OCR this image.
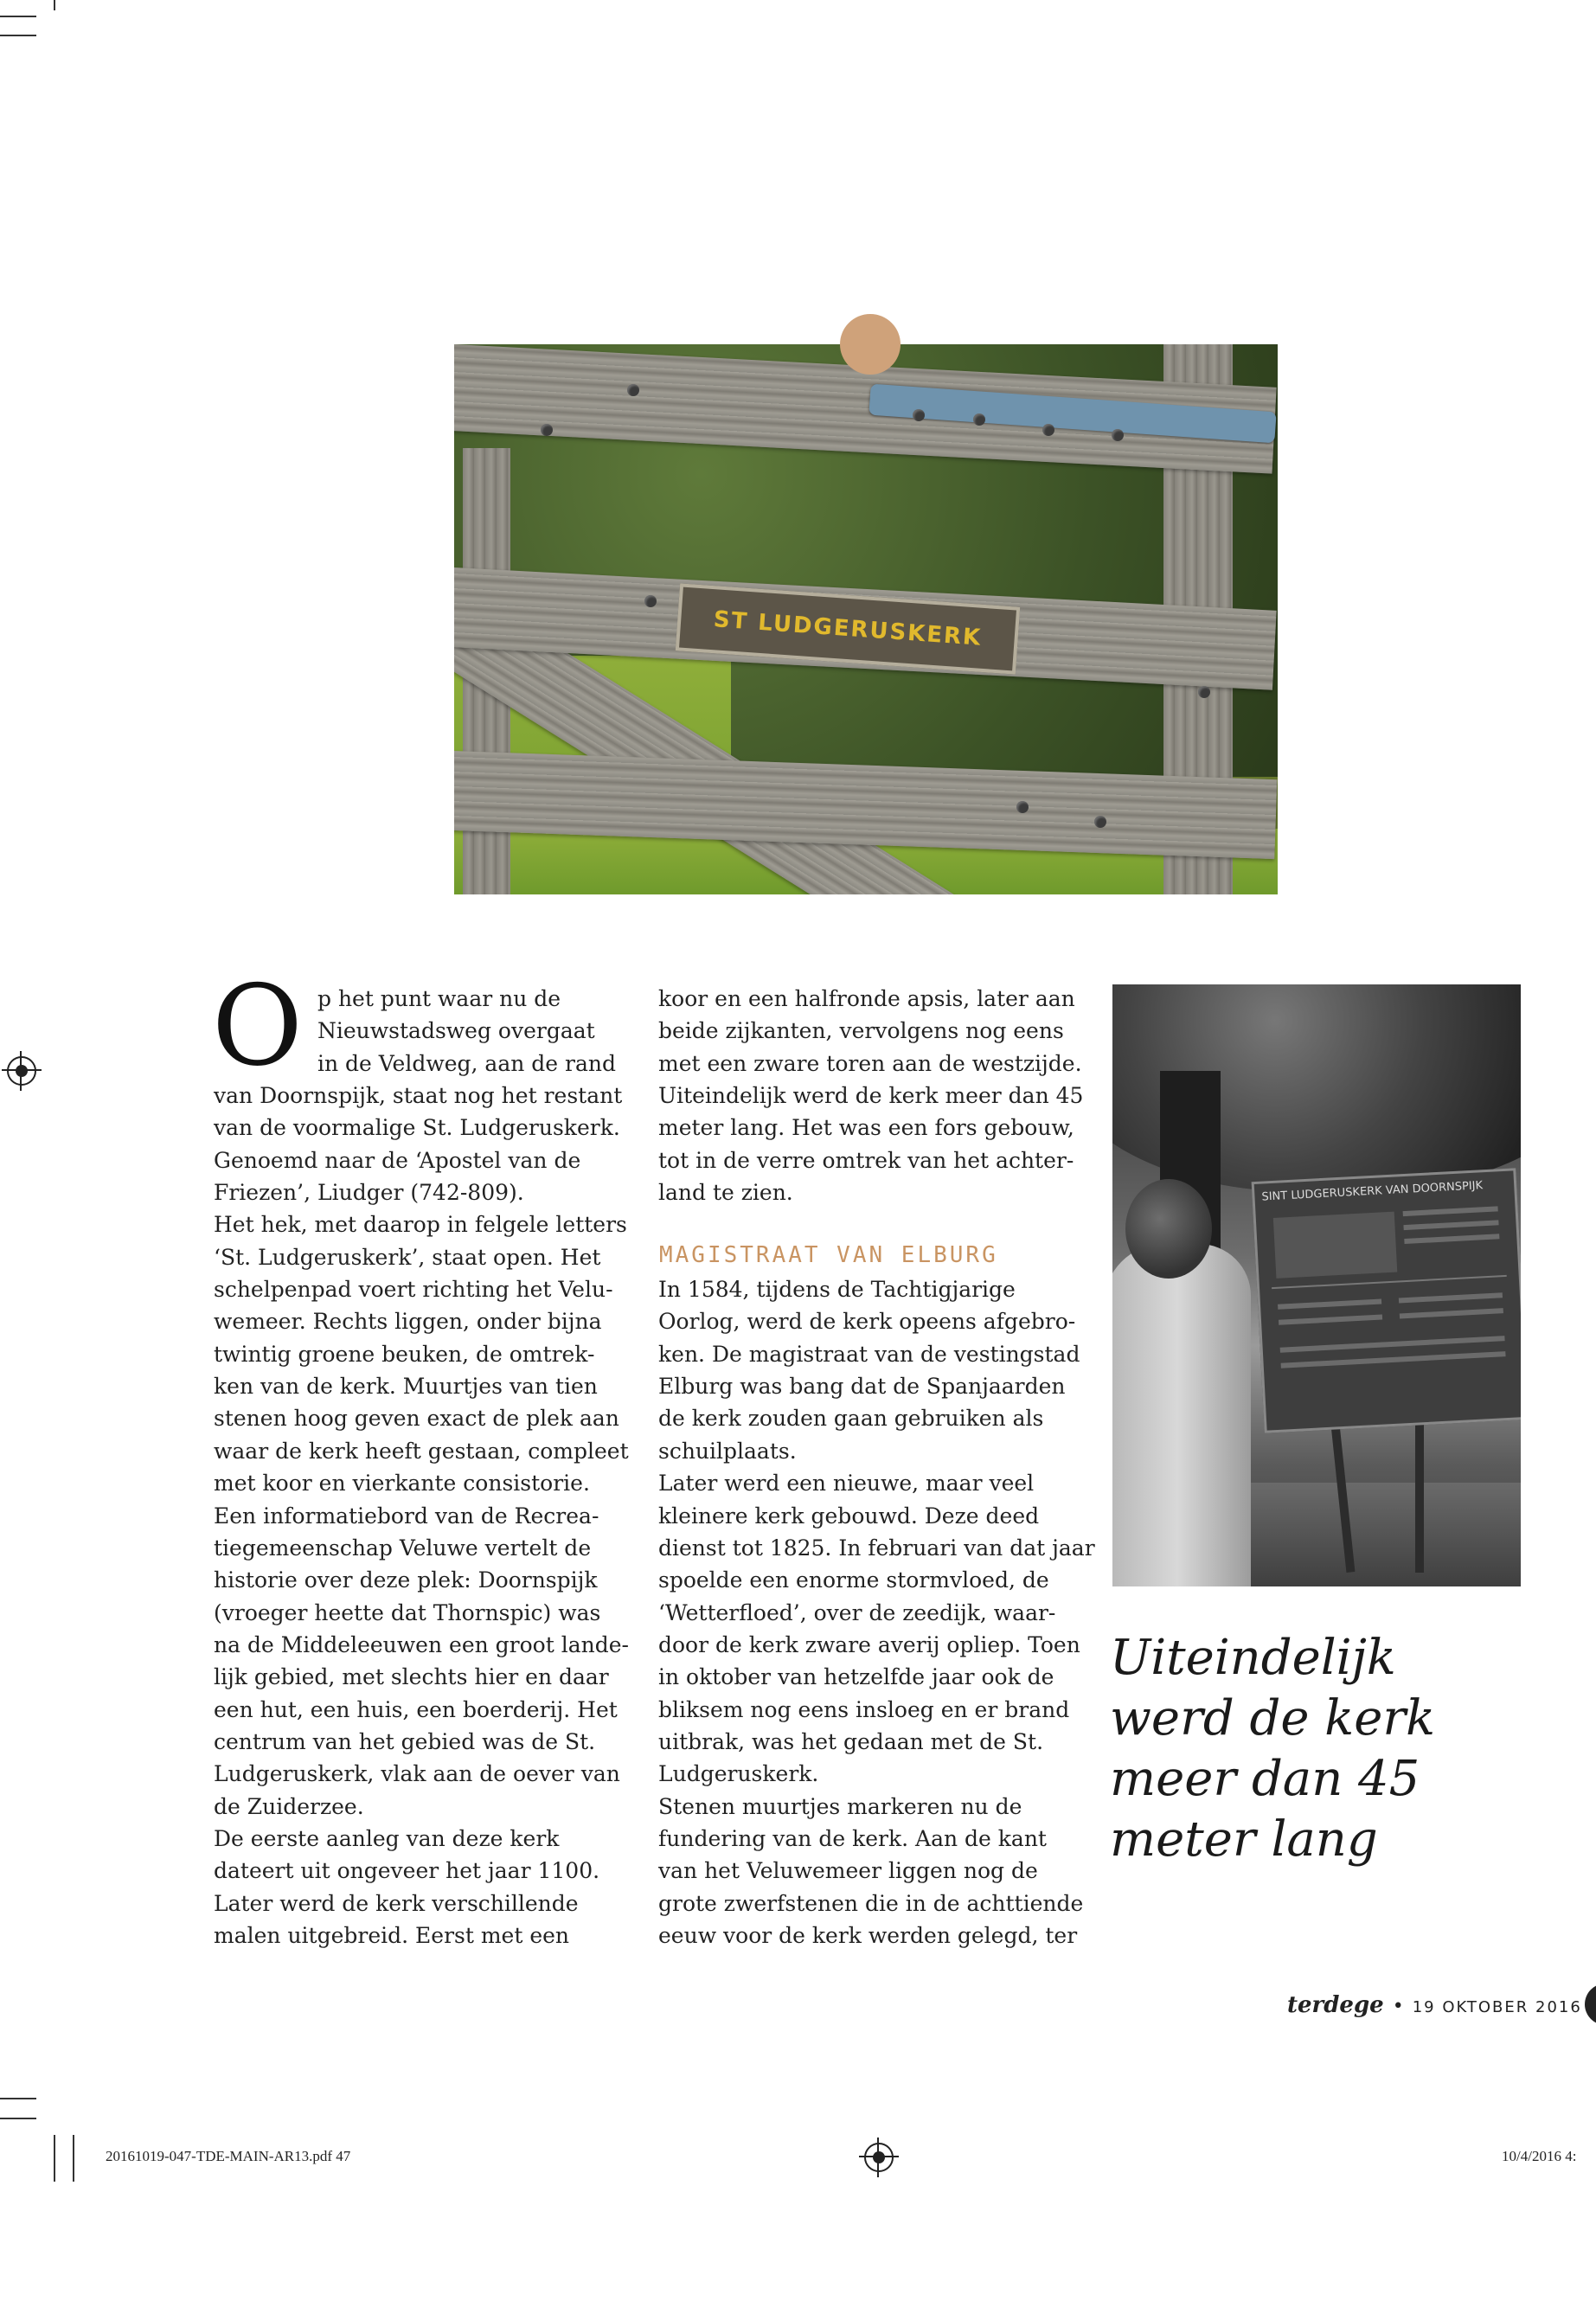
ST LUDGERUSKERK
O p het punt waar nu de
Nieuwstadsweg overgaat
in de Veldweg, aan de rand
van Doornspijk, staat nog het restant
van de voormalige St. Ludgeruskerk.
Genoemd naar de ‘Apostel van de
Friezen’, Liudger (742-809).
Het hek, met daarop in felgele letters
‘St. Ludgeruskerk’, staat open. Het
schelpenpad voert richting het Velu-
wemeer. Rechts liggen, onder bijna
twintig groene beuken, de omtrek-
ken van de kerk. Muurtjes van tien
stenen hoog geven exact de plek aan
waar de kerk heeft gestaan, compleet
met koor en vierkante consistorie.
Een informatiebord van de Recrea-
tiegemeenschap Veluwe vertelt de
historie over deze plek: Doornspijk
(vroeger heette dat Thornspic) was
na de Middeleeuwen een groot lande-
lijk gebied, met slechts hier en daar
een hut, een huis, een boerderij. Het
centrum van het gebied was de St.
Ludgeruskerk, vlak aan de oever van
de Zuiderzee.
De eerste aanleg van deze kerk
dateert uit ongeveer het jaar 1100.
Later werd de kerk verschillende
malen uitgebreid. Eerst met een
koor en een halfronde apsis, later aan
beide zijkanten, vervolgens nog eens
met een zware toren aan de westzijde.
Uiteindelijk werd de kerk meer dan 45
meter lang. Het was een fors gebouw,
tot in de verre omtrek van het achter-
land te zien.
In 1584, tijdens de Tachtigjarige
Oorlog, werd de kerk opeens afgebro-
ken. De magistraat van de vestingstad
Elburg was bang dat de Spanjaarden
de kerk zouden gaan gebruiken als
schuilplaats.
Later werd een nieuwe, maar veel
kleinere kerk gebouwd. Deze deed
dienst tot 1825. In februari van dat jaar
spoelde een enorme stormvloed, de
‘Wetterfloed’, over de zeedijk, waar-
door de kerk zware averij opliep. Toen
in oktober van hetzelfde jaar ook de
bliksem nog eens insloeg en er brand
uitbrak, was het gedaan met de St.
Ludgeruskerk.
Stenen muurtjes markeren nu de
fundering van de kerk. Aan de kant
van het Veluwemeer liggen nog de
grote zwerfstenen die in de achttiende
eeuw voor de kerk werden gelegd, ter
MAGISTRAAT VAN ELBURG
SINT LUDGERUSKERK VAN DOORNSPIJK
Uiteindelijk
werd de kerk
meer dan 45
meter lang
terdege • 19 OKTOBER 2016
20161019-047-TDE-MAIN-AR13.pdf 47	10/4/2016 4:
